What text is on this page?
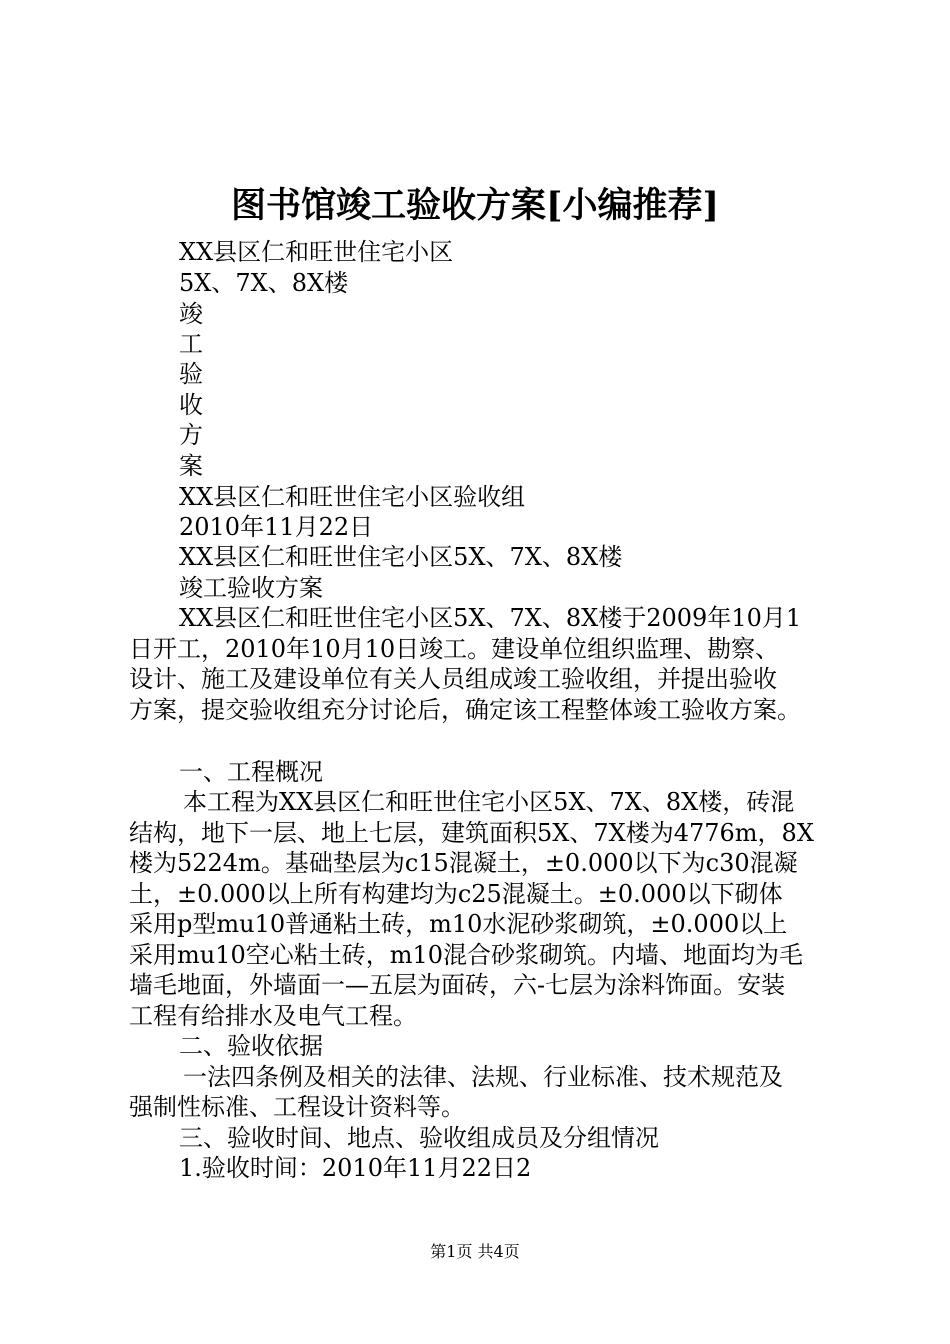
图书馆竣工验收方案[小编推荐]
XX县区仁和旺世住宅小区
5X、7X、8X楼
竣
工
验
收
方
案
XX县区仁和旺世住宅小区验收组
2010年11月22日
XX县区仁和旺世住宅小区5X、7X、8X楼
竣工验收方案
XX县区仁和旺世住宅小区5X、7X、8X楼于2009年10月1
日开工，2010年10月10日竣工。建设单位组织监理、勘察、
设计、施工及建设单位有关人员组成竣工验收组，并提出验收
方案，提交验收组充分讨论后，确定该工程整体竣工验收方案。
一、工程概况
本工程为XX县区仁和旺世住宅小区5X、7X、8X楼，砖混
结构，地下一层、地上七层，建筑面积5X、7X楼为4776m，8X
楼为5224m。基础垫层为c15混凝土，±0.000以下为c30混凝
土，±0.000以上所有构建均为c25混凝土。±0.000以下砌体
采用p型mu10普通粘土砖，m10水泥砂浆砌筑，±0.000以上
采用mu10空心粘土砖，m10混合砂浆砌筑。内墙、地面均为毛
墙毛地面，外墙面一—五层为面砖，六-七层为涂料饰面。安装
工程有给排水及电气工程。
二、验收依据
一法四条例及相关的法律、法规、行业标准、技术规范及
强制性标准、工程设计资料等。
三、验收时间、地点、验收组成员及分组情况
1.验收时间：2010年11月22日2
第1页 共4页
